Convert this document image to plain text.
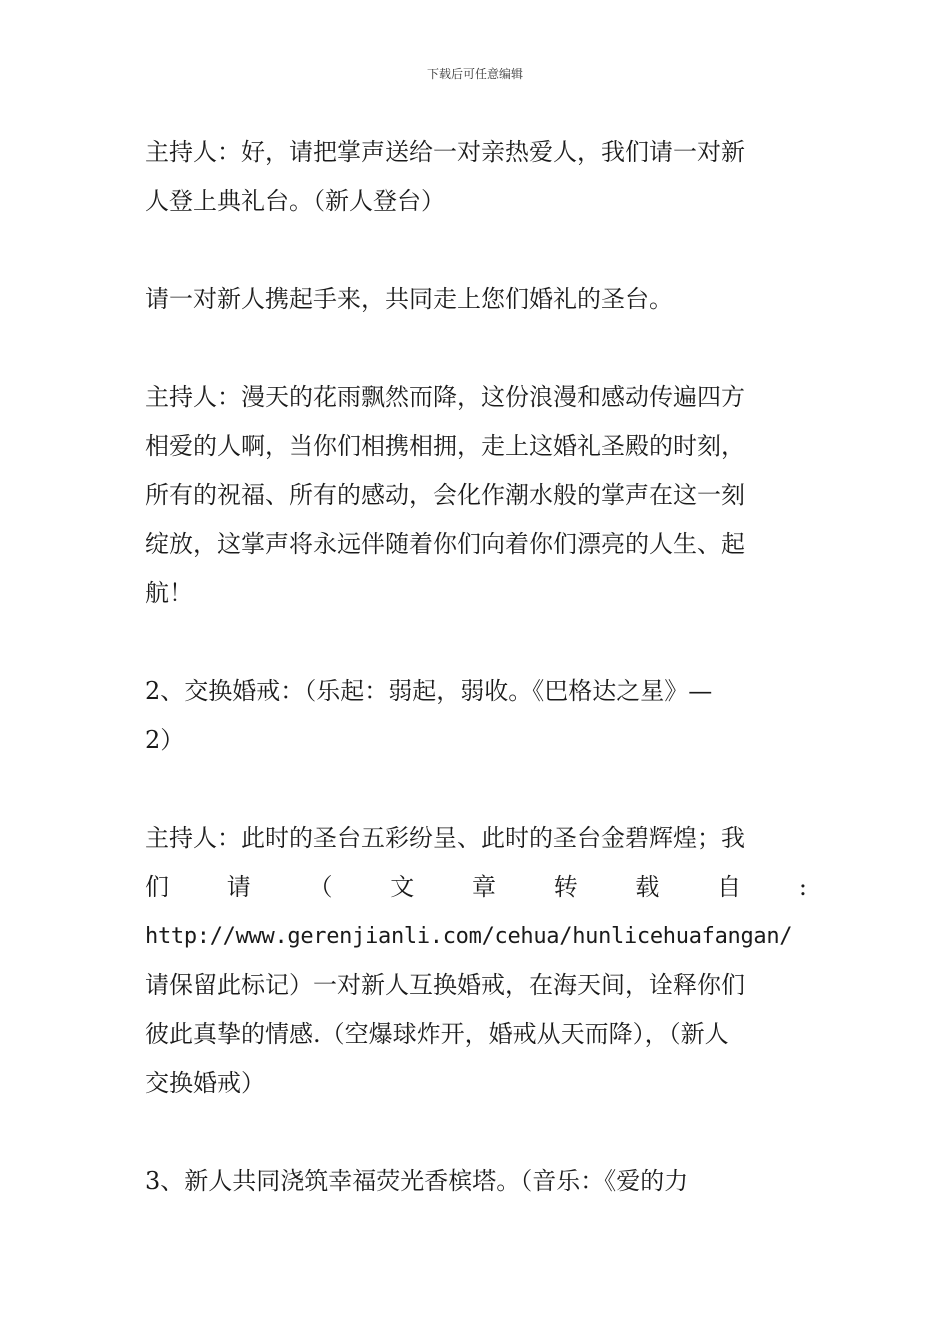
下载后可任意编辑
主持人：好，请把掌声送给一对亲热爱人，我们请一对新
人登上典礼台。（新人登台）
请一对新人携起手来，共同走上您们婚礼的圣台。
主持人：漫天的花雨飘然而降，这份浪漫和感动传遍四方
相爱的人啊，当你们相携相拥，走上这婚礼圣殿的时刻，
所有的祝福、所有的感动，会化作潮水般的掌声在这一刻
绽放，这掌声将永远伴随着你们向着你们漂亮的人生、起
航！
2、交换婚戒：（乐起：弱起，弱收。《巴格达之星》—
2）
主持人：此时的圣台五彩纷呈、此时的圣台金碧辉煌；我
们 请 （ 文 章 转 载 自 :
http://www.gerenjianli.com/cehua/hunlicehuafangan/
请保留此标记）一对新人互换婚戒，在海天间，诠释你们
彼此真挚的情感.（空爆球炸开，婚戒从天而降），（新人
交换婚戒）
3、新人共同浇筑幸福荧光香槟塔。（音乐：《爱的力
